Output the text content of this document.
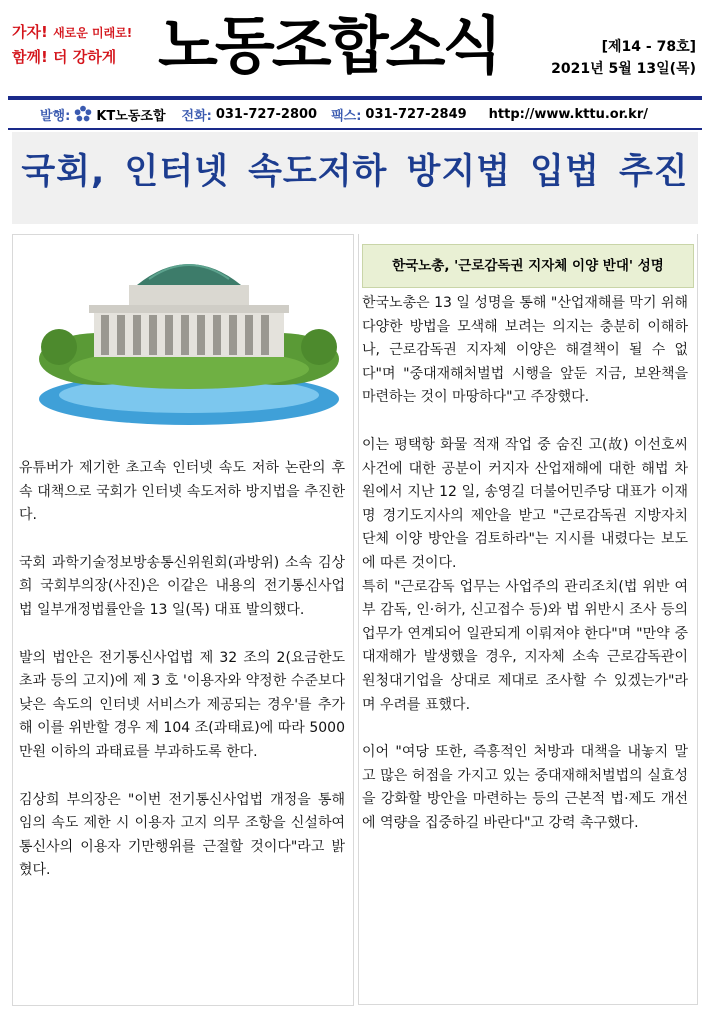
가자! 새로운 미래로!
함께! 더 강하게 노동조합소식	[제14 - 78호]
2021년 5월 13일(목)
발행: KT노동조합 전화: 031-727-2800 팩스: 031-727-2849 http://www.kttu.or.kr/
국회, 인터넷 속도저하 방지법 입법 추진

유튜버가 제기한 초고속 인터넷 속도 저하 논란의 후속 대책으로 국회가 인터넷 속도저하 방지법을 추진한다.

국회 과학기술정보방송통신위원회(과방위) 소속 김상희 국회부의장(사진)은 이같은 내용의 전기통신사업법 일부개정법률안을 13 일(목) 대표 발의했다.

발의 법안은 전기통신사업법 제 32 조의 2(요금한도 초과 등의 고지)에 제 3 호 '이용자와 약정한 수준보다 낮은 속도의 인터넷 서비스가 제공되는 경우'를 추가해 이를 위반할 경우 제 104 조(과태료)에 따라 5000 만원 이하의 과태료를 부과하도록 한다.

김상희 부의장은 "이번 전기통신사업법 개정을 통해 임의 속도 제한 시 이용자 고지 의무 조항을 신설하여 통신사의 이용자 기만행위를 근절할 것이다"라고 밝혔다.

한국노총, '근로감독권 지자체 이양 반대' 성명

한국노총은 13 일 성명을 통해 "산업재해를 막기 위해 다양한 방법을 모색해 보려는 의지는 충분히 이해하나, 근로감독권 지자체 이양은 해결책이 될 수 없다"며 "중대재해처벌법 시행을 앞둔 지금, 보완책을 마련하는 것이 마땅하다"고 주장했다.

이는 평택항 화물 적재 작업 중 숨진 고(故) 이선호씨 사건에 대한 공분이 커지자 산업재해에 대한 해법 차원에서 지난 12 일, 송영길 더불어민주당 대표가 이재명 경기도지사의 제안을 받고 "근로감독권 지방자치단체 이양 방안을 검토하라"는 지시를 내렸다는 보도에 따른 것이다.

특히 "근로감독 업무는 사업주의 관리조치(법 위반 여부 감독, 인·허가, 신고접수 등)와 법 위반시 조사 등의 업무가 연계되어 일관되게 이뤄져야 한다"며 "만약 중대재해가 발생했을 경우, 지자체 소속 근로감독관이 원청대기업을 상대로 제대로 조사할 수 있겠는가"라며 우려를 표했다.

이어 "여당 또한, 즉흥적인 처방과 대책을 내놓지 말고 많은 허점을 가지고 있는 중대재해처벌법의 실효성을 강화할 방안을 마련하는 등의 근본적 법·제도 개선에 역량을 집중하길 바란다"고 강력 촉구했다.
